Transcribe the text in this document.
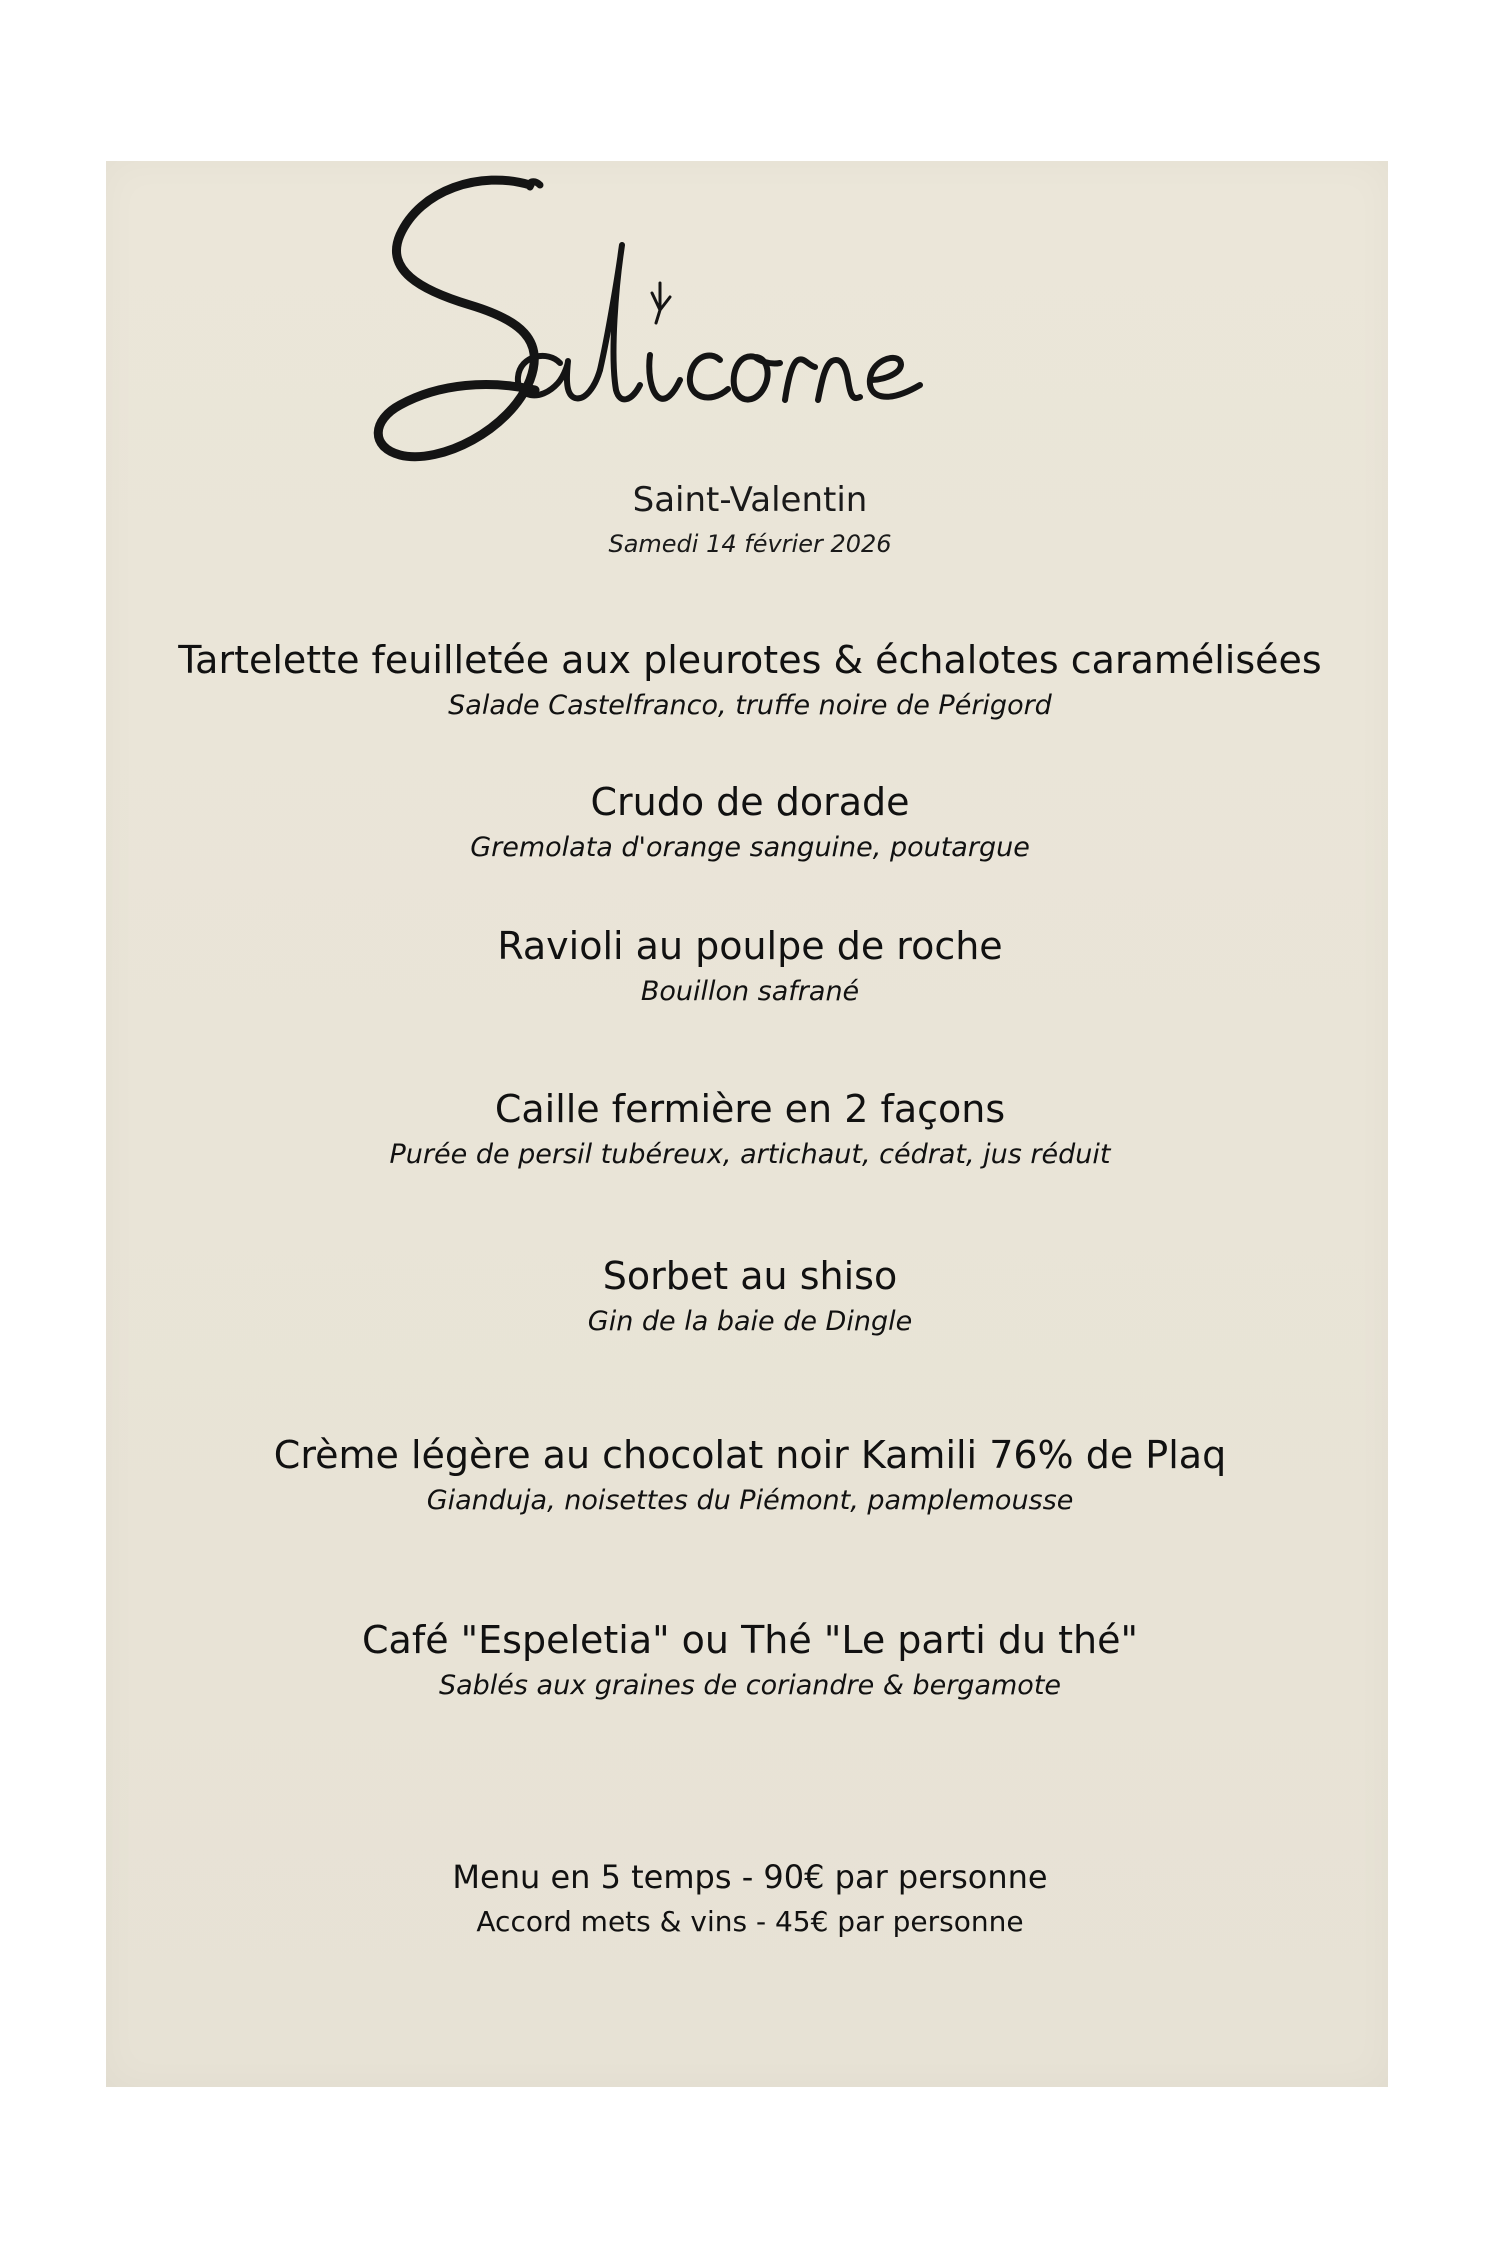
Saint-Valentin
Samedi 14 février 2026
Tartelette feuilletée aux pleurotes & échalotes caramélisées
Salade Castelfranco, truffe noire de Périgord
Crudo de dorade
Gremolata d'orange sanguine, poutargue
Ravioli au poulpe de roche
Bouillon safrané
Caille fermière en 2 façons
Purée de persil tubéreux, artichaut, cédrat, jus réduit
Sorbet au shiso
Gin de la baie de Dingle
Crème légère au chocolat noir Kamili 76% de Plaq
Gianduja, noisettes du Piémont, pamplemousse
Café "Espeletia" ou Thé "Le parti du thé"
Sablés aux graines de coriandre & bergamote
Menu en 5 temps - 90€ par personne
Accord mets & vins - 45€ par personne
